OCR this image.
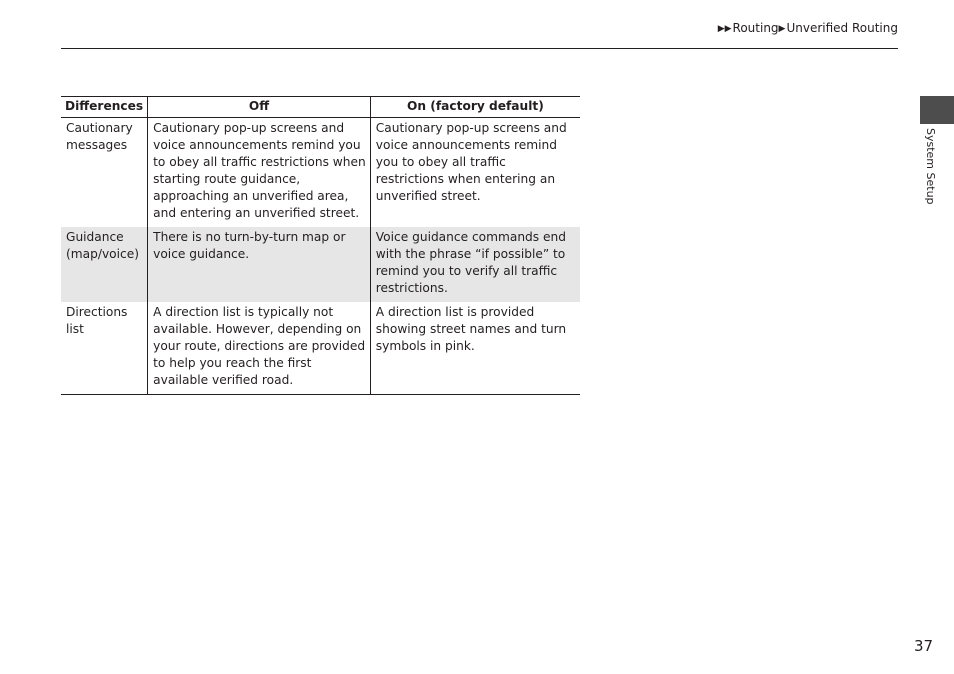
▶▶Routing▶Unverified Routing
System Setup
Differences	Off	On (factory default)
Cautionary messages	Cautionary pop-up screens and voice announcements remind you to obey all traffic restrictions when starting route guidance, approaching an unverified area, and entering an unverified street.	Cautionary pop-up screens and voice announcements remind you to obey all traffic restrictions when entering an unverified street.
Guidance (map/voice)	There is no turn-by-turn map or voice guidance.	Voice guidance commands end with the phrase “if possible” to remind you to verify all traffic restrictions.
Directions list	A direction list is typically not available. However, depending on your route, directions are provided to help you reach the first available verified road.	A direction list is provided showing street names and turn symbols in pink.
37
